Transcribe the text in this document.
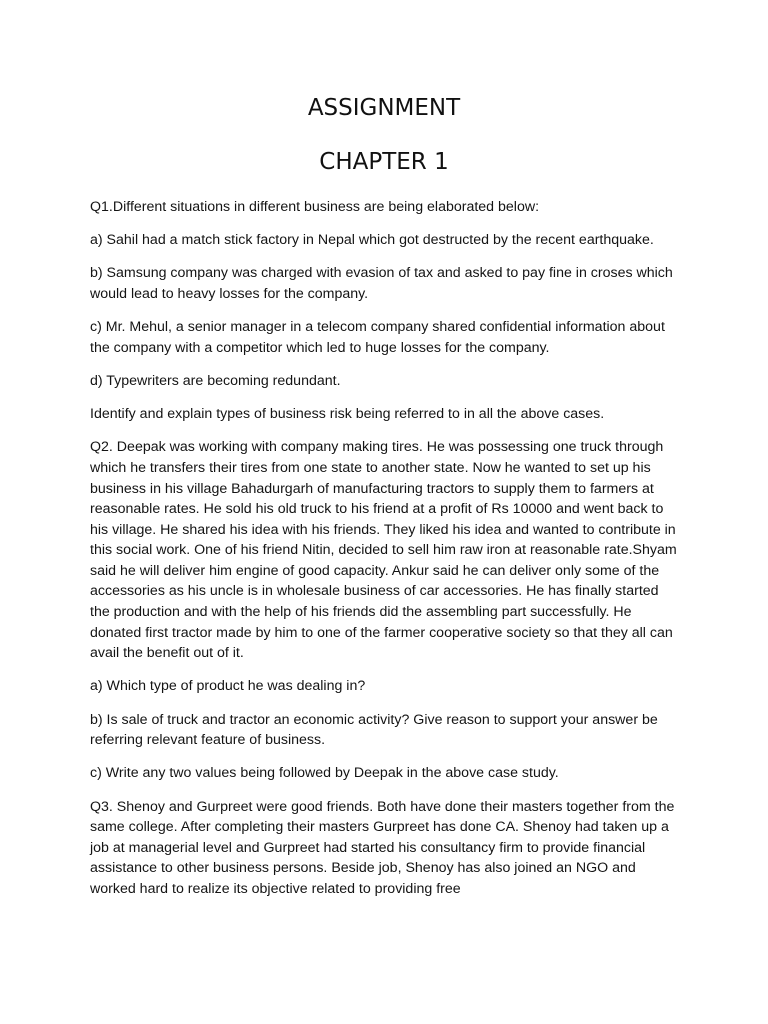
ASSIGNMENT
CHAPTER 1

Q1.Different situations in different business are being elaborated below:

a) Sahil had a match stick factory in Nepal which got destructed by the recent earthquake.

b) Samsung company was charged with evasion of tax and asked to pay fine in croses which would lead to heavy losses for the company.

c) Mr. Mehul, a senior manager in a telecom company shared confidential information about the company with a competitor which led to huge losses for the company.

d) Typewriters are becoming redundant.

Identify and explain types of business risk being referred to in all the above cases.

Q2. Deepak was working with company making tires. He was possessing one truck through which he transfers their tires from one state to another state. Now he wanted to set up his business in his village Bahadurgarh of manufacturing tractors to supply them to farmers at reasonable rates. He sold his old truck to his friend at a profit of Rs 10000 and went back to his village. He shared his idea with his friends. They liked his idea and wanted to contribute in this social work. One of his friend Nitin, decided to sell him raw iron at reasonable rate.Shyam said he will deliver him engine of good capacity. Ankur said he can deliver only some of the accessories as his uncle is in wholesale business of car accessories. He has finally started the production and with the help of his friends did the assembling part successfully. He donated first tractor made by him to one of the farmer cooperative society so that they all can avail the benefit out of it.

a) Which type of product he was dealing in?

b) Is sale of truck and tractor an economic activity? Give reason to support your answer be referring relevant feature of business.

c) Write any two values being followed by Deepak in the above case study.

Q3. Shenoy and Gurpreet were good friends. Both have done their masters together from the same college. After completing their masters Gurpreet has done CA. Shenoy had taken up a job at managerial level and Gurpreet had started his consultancy firm to provide financial assistance to other business persons. Beside job, Shenoy has also joined an NGO and worked hard to realize its objective related to providing free
